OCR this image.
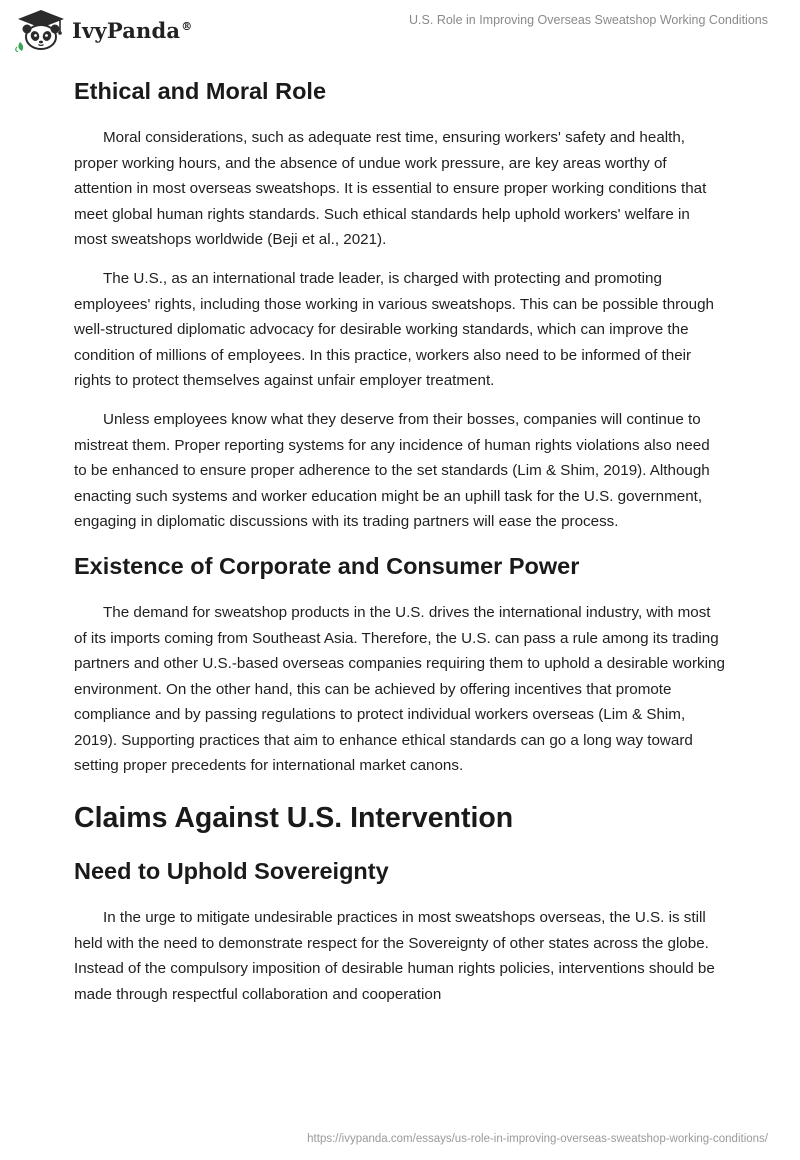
IvyPanda®	U.S. Role in Improving Overseas Sweatshop Working Conditions
Ethical and Moral Role

Moral considerations, such as adequate rest time, ensuring workers' safety and health, proper working hours, and the absence of undue work pressure, are key areas worthy of attention in most overseas sweatshops. It is essential to ensure proper working conditions that meet global human rights standards. Such ethical standards help uphold workers' welfare in most sweatshops worldwide (Beji et al., 2021).

The U.S., as an international trade leader, is charged with protecting and promoting employees' rights, including those working in various sweatshops. This can be possible through well-structured diplomatic advocacy for desirable working standards, which can improve the condition of millions of employees. In this practice, workers also need to be informed of their rights to protect themselves against unfair employer treatment.

Unless employees know what they deserve from their bosses, companies will continue to mistreat them. Proper reporting systems for any incidence of human rights violations also need to be enhanced to ensure proper adherence to the set standards (Lim & Shim, 2019). Although enacting such systems and worker education might be an uphill task for the U.S. government, engaging in diplomatic discussions with its trading partners will ease the process.

Existence of Corporate and Consumer Power

The demand for sweatshop products in the U.S. drives the international industry, with most of its imports coming from Southeast Asia. Therefore, the U.S. can pass a rule among its trading partners and other U.S.-based overseas companies requiring them to uphold a desirable working environment. On the other hand, this can be achieved by offering incentives that promote compliance and by passing regulations to protect individual workers overseas (Lim & Shim, 2019). Supporting practices that aim to enhance ethical standards can go a long way toward setting proper precedents for international market canons.

Claims Against U.S. Intervention
Need to Uphold Sovereignty

In the urge to mitigate undesirable practices in most sweatshops overseas, the U.S. is still held with the need to demonstrate respect for the Sovereignty of other states across the globe. Instead of the compulsory imposition of desirable human rights policies, interventions should be made through respectful collaboration and cooperation

https://ivypanda.com/essays/us-role-in-improving-overseas-sweatshop-working-conditions/
